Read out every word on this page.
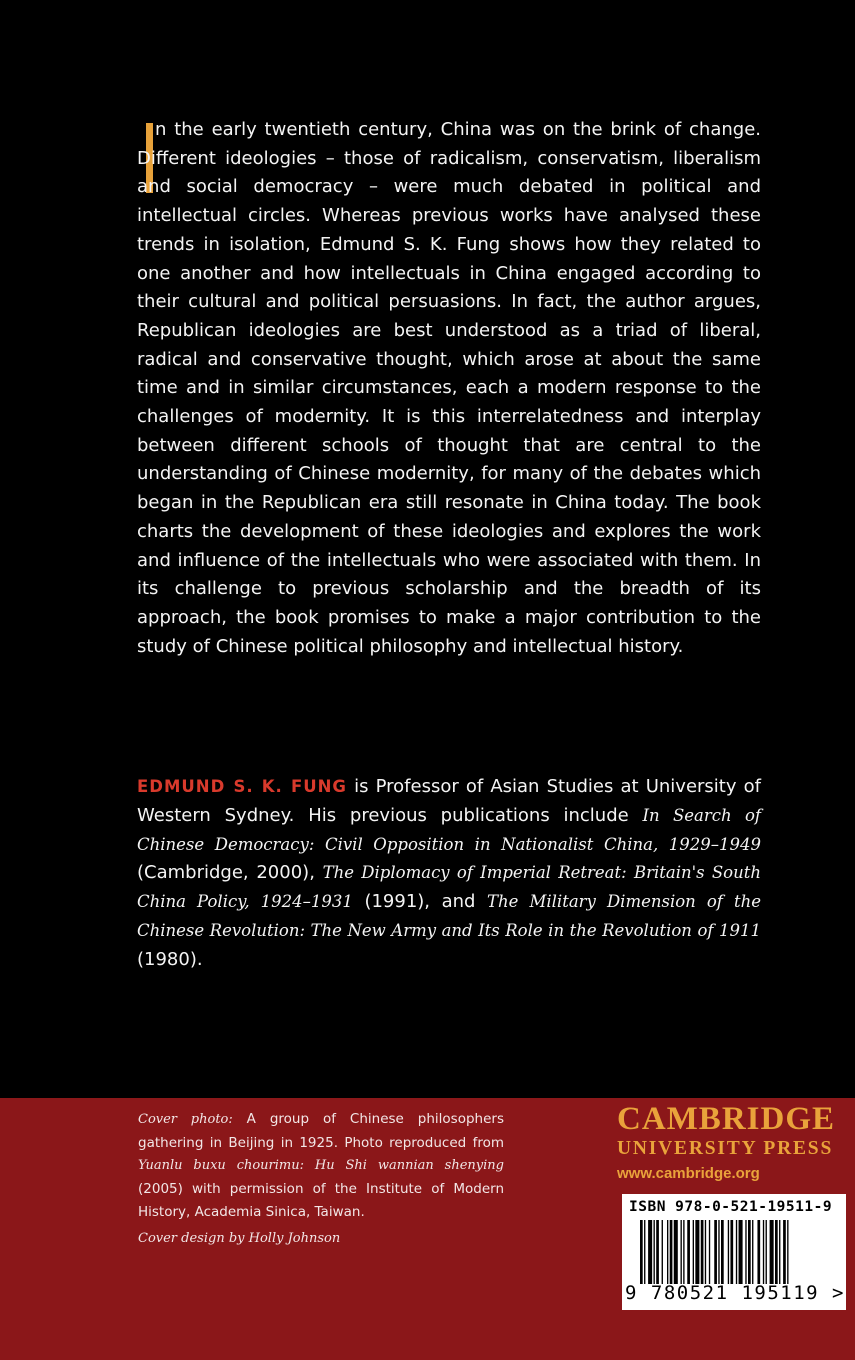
n the early twentieth century, China was on the brink of change. Different ideologies – those of radicalism, conservatism, liberalism and social democracy – were much debated in political and intellectual circles. Whereas previous works have analysed these trends in isolation, Edmund S. K. Fung shows how they related to one another and how intellectuals in China engaged according to their cultural and political persuasions. In fact, the author argues, Republican ideologies are best understood as a triad of liberal, radical and conservative thought, which arose at about the same time and in similar circumstances, each a modern response to the challenges of modernity. It is this interrelatedness and interplay between different schools of thought that are central to the understanding of Chinese modernity, for many of the debates which began in the Republican era still resonate in China today. The book charts the development of these ideologies and explores the work and influence of the intellectuals who were associated with them. In its challenge to previous scholarship and the breadth of its approach, the book promises to make a major contribution to the study of Chinese political philosophy and intellectual history.

EDMUND S. K. FUNG is Professor of Asian Studies at University of Western Sydney. His previous publications include In Search of Chinese Democracy: Civil Opposition in Nationalist China, 1929–1949 (Cambridge, 2000), The Diplomacy of Imperial Retreat: Britain's South China Policy, 1924–1931 (1991), and The Military Dimension of the Chinese Revolution: The New Army and Its Role in the Revolution of 1911 (1980).
Cover photo: A group of Chinese philosophers gathering in Beijing in 1925. Photo reproduced from Yuanlu buxu chourimu: Hu Shi wannian shenying (2005) with permission of the Institute of Modern History, Academia Sinica, Taiwan.
Cover design by Holly Johnson
CAMBRIDGE
UNIVERSITY PRESS
www.cambridge.org
ISBN 978-0-521-19511-9
9 780521 195119 >
